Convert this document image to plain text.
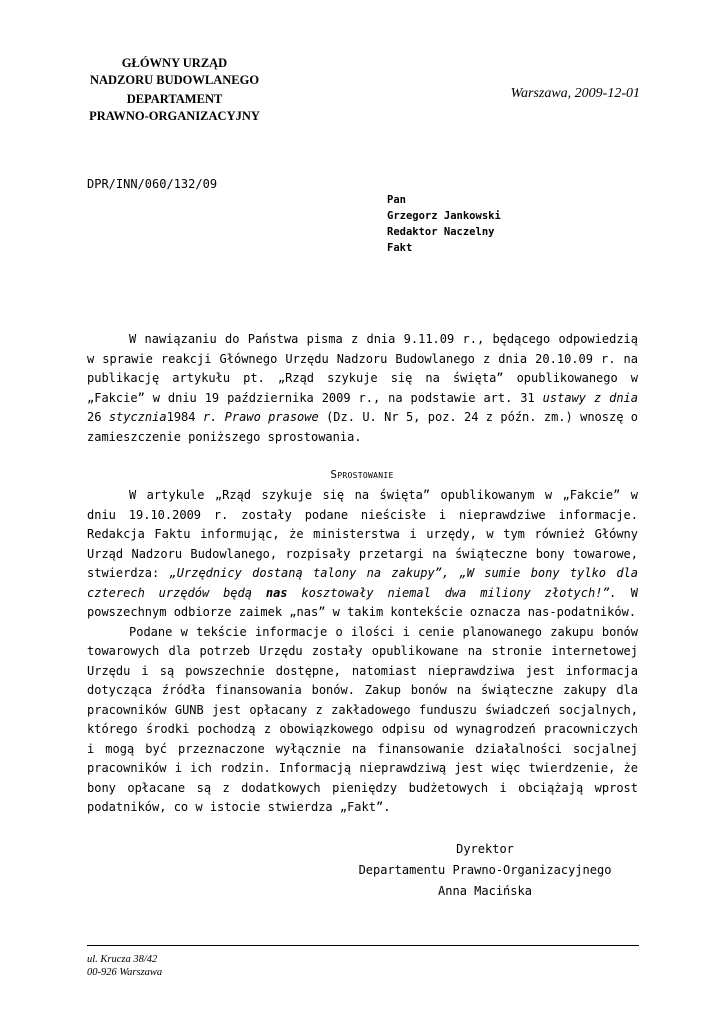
GŁÓWNY URZĄD
NADZORU BUDOWLANEGO
DEPARTAMENT
PRAWNO-ORGANIZACYJNY
Warszawa, 2009-12-01
DPR/INN/060/132/09
Pan
Grzegorz Jankowski
Redaktor Naczelny
Fakt

W nawiązaniu do Państwa pisma z dnia 9.11.09 r., będącego odpowiedzią w sprawie reakcji Głównego Urzędu Nadzoru Budowlanego z dnia 20.10.09 r. na publikację artykułu pt. „Rząd szykuje się na święta” opublikowanego w „Fakcie” w dniu 19 października 2009 r., na podstawie art. 31 ustawy z dnia 26 stycznia1984 r. Prawo prasowe (Dz. U. Nr 5, poz. 24 z późn. zm.) wnoszę o zamieszczenie poniższego sprostowania.

Sprostowanie

W artykule „Rząd szykuje się na święta” opublikowanym w „Fakcie” w dniu 19.10.2009 r. zostały podane nieścisłe i nieprawdziwe informacje. Redakcja Faktu informując, że ministerstwa i urzędy, w tym również Główny Urząd Nadzoru Budowlanego, rozpisały przetargi na świąteczne bony towarowe, stwierdza: „Urzędnicy dostaną talony na zakupy”, „W sumie bony tylko dla czterech urzędów będą nas kosztowały niemal dwa miliony złotych!”. W powszechnym odbiorze zaimek „nas” w takim kontekście oznacza nas-podatników.

Podane w tekście informacje o ilości i cenie planowanego zakupu bonów towarowych dla potrzeb Urzędu zostały opublikowane na stronie internetowej Urzędu i są powszechnie dostępne, natomiast nieprawdziwa jest informacja dotycząca źródła finansowania bonów. Zakup bonów na świąteczne zakupy dla pracowników GUNB jest opłacany z zakładowego funduszu świadczeń socjalnych, którego środki pochodzą z obowiązkowego odpisu od wynagrodzeń pracowniczych i mogą być przeznaczone wyłącznie na finansowanie działalności socjalnej pracowników i ich rodzin. Informacją nieprawdziwą jest więc twierdzenie, że bony opłacane są z dodatkowych pieniędzy budżetowych i obciążają wprost podatników, co w istocie stwierdza „Fakt”.

Dyrektor
Departamentu Prawno-Organizacyjnego
Anna Macińska
ul. Krucza 38/42
00-926 Warszawa
